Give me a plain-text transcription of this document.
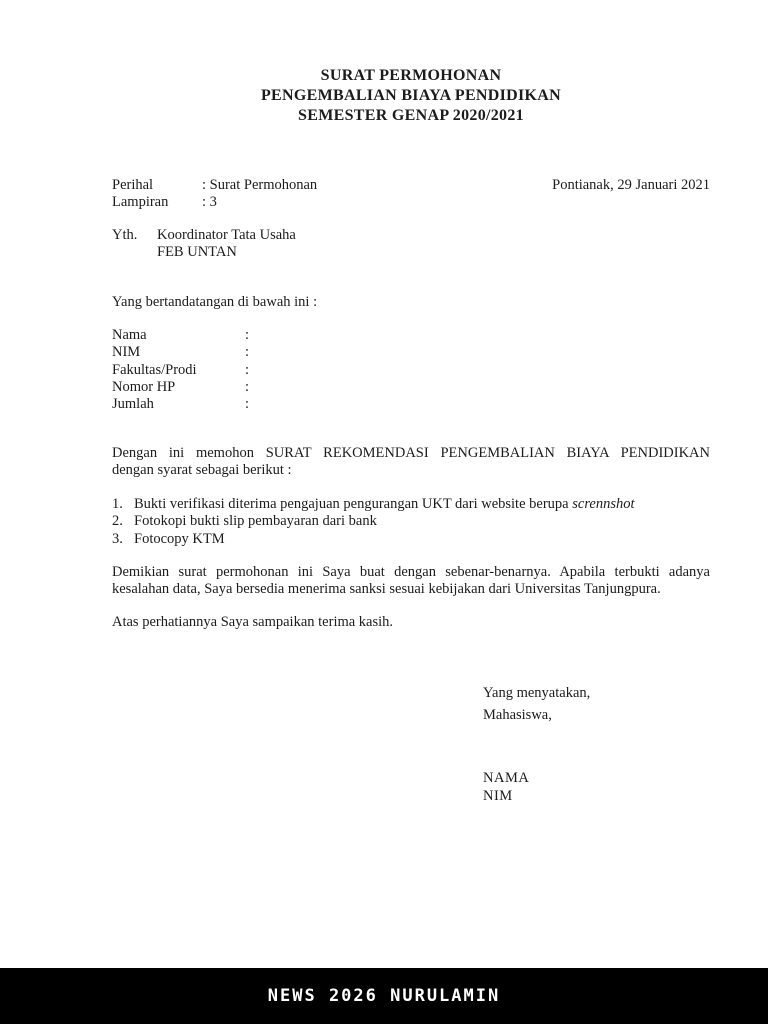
SURAT PERMOHONAN
PENGEMBALIAN BIAYA PENDIDIKAN
SEMESTER GENAP 2020/2021
Perihal	: Surat Permohonan
Lampiran	: 3
Pontianak, 29 Januari 2021
Yth.	Koordinator Tata Usaha
FEB UNTAN
Yang bertandatangan di bawah ini :
Nama	:
NIM	:
Fakultas/Prodi	:
Nomor HP	:
Jumlah	:
Dengan ini memohon SURAT REKOMENDASI PENGEMBALIAN BIAYA PENDIDIKAN
dengan syarat sebagai berikut :
1. Bukti verifikasi diterima pengajuan pengurangan UKT dari website berupa scrennshot
2. Fotokopi bukti slip pembayaran dari bank
3. Fotocopy KTM
Demikian surat permohonan ini Saya buat dengan sebenar-benarnya. Apabila terbukti adanya
kesalahan data, Saya bersedia menerima sanksi sesuai kebijakan dari Universitas Tanjungpura.
Atas perhatiannya Saya sampaikan terima kasih.
Yang menyatakan,
Mahasiswa,
NAMA
NIM
NEWS 2026 NURULAMIN
